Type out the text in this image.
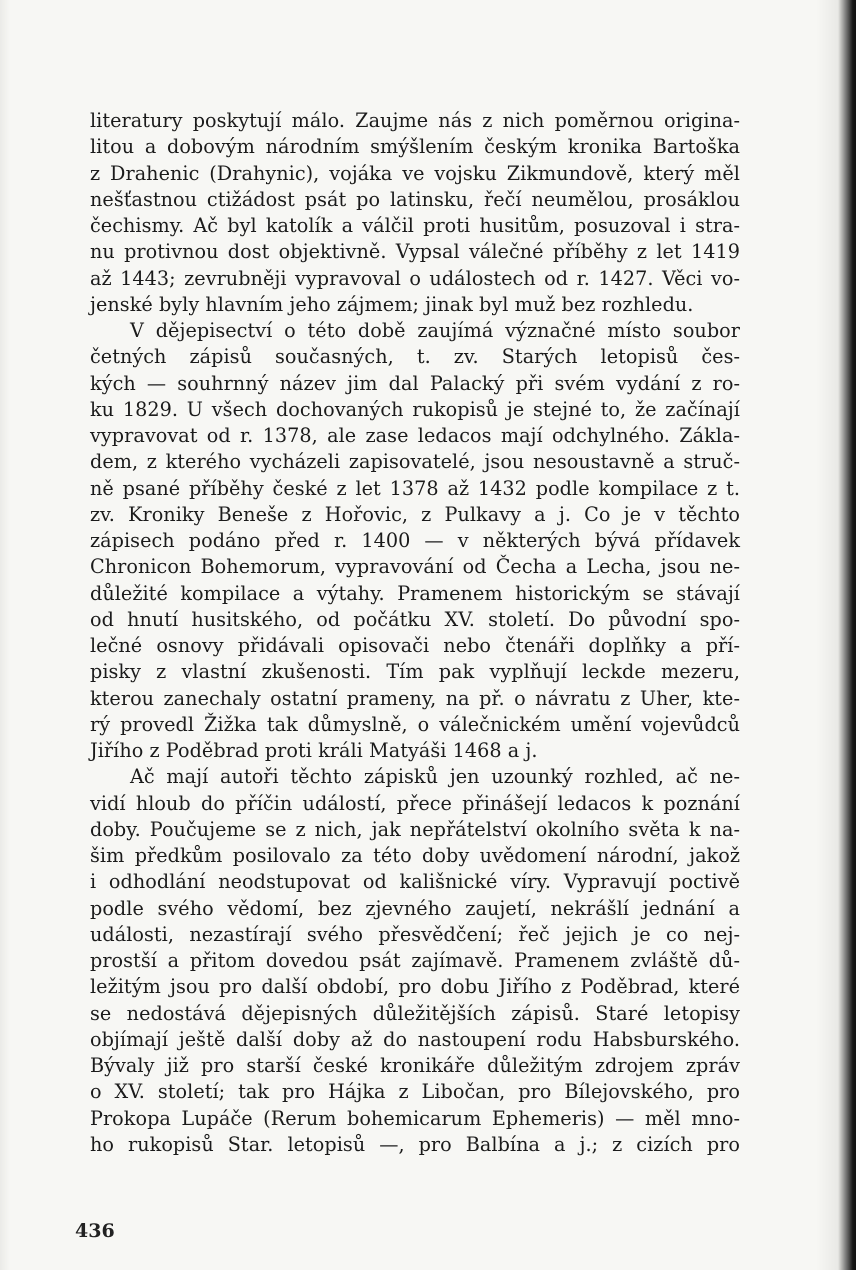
literatury poskytují málo. Zaujme nás z nich poměrnou origina-
litou a dobovým národním smýšlením českým kronika Bartoška
z Drahenic (Drahynic), vojáka ve vojsku Zikmundově, který měl
nešťastnou ctižádost psát po latinsku, řečí neumělou, prosáklou
čechismy. Ač byl katolík a válčil proti husitům, posuzoval i stra-
nu protivnou dost objektivně. Vypsal válečné příběhy z let 1419
až 1443; zevrubněji vypravoval o událostech od r. 1427. Věci vo-
jenské byly hlavním jeho zájmem; jinak byl muž bez rozhledu.
V dějepisectví o této době zaujímá význačné místo soubor
četných zápisů současných, t. zv. Starých letopisů čes-
kých — souhrnný název jim dal Palacký při svém vydání z ro-
ku 1829. U všech dochovaných rukopisů je stejné to, že začínají
vypravovat od r. 1378, ale zase ledacos mají odchylného. Zákla-
dem, z kterého vycházeli zapisovatelé, jsou nesoustavně a struč-
ně psané příběhy české z let 1378 až 1432 podle kompilace z t.
zv. Kroniky Beneše z Hořovic, z Pulkavy a j. Co je v těchto
zápisech podáno před r. 1400 — v některých bývá přídavek
Chronicon Bohemorum, vypravování od Čecha a Lecha, jsou ne-
důležité kompilace a výtahy. Pramenem historickým se stávají
od hnutí husitského, od počátku XV. století. Do původní spo-
lečné osnovy přidávali opisovači nebo čtenáři doplňky a pří-
pisky z vlastní zkušenosti. Tím pak vyplňují leckde mezeru,
kterou zanechaly ostatní prameny, na př. o návratu z Uher, kte-
rý provedl Žižka tak důmyslně, o válečnickém umění vojevůdců
Jiřího z Poděbrad proti králi Matyáši 1468 a j.
Ač mají autoři těchto zápisků jen uzounký rozhled, ač ne-
vidí hloub do příčin událostí, přece přinášejí ledacos k poznání
doby. Poučujeme se z nich, jak nepřátelství okolního světa k na-
šim předkům posilovalo za této doby uvědomení národní, jakož
i odhodlání neodstupovat od kališnické víry. Vypravují poctivě
podle svého vědomí, bez zjevného zaujetí, nekrášlí jednání a
události, nezastírají svého přesvědčení; řeč jejich je co nej-
prostší a přitom dovedou psát zajímavě. Pramenem zvláště dů-
ležitým jsou pro další období, pro dobu Jiřího z Poděbrad, které
se nedostává dějepisných důležitějších zápisů. Staré letopisy
objímají ještě další doby až do nastoupení rodu Habsburského.
Bývaly již pro starší české kronikáře důležitým zdrojem zpráv
o XV. století; tak pro Hájka z Libočan, pro Bílejovského, pro
Prokopa Lupáče (Rerum bohemicarum Ephemeris) — měl mno-
ho rukopisů Star. letopisů —, pro Balbína a j.; z cizích pro
436
